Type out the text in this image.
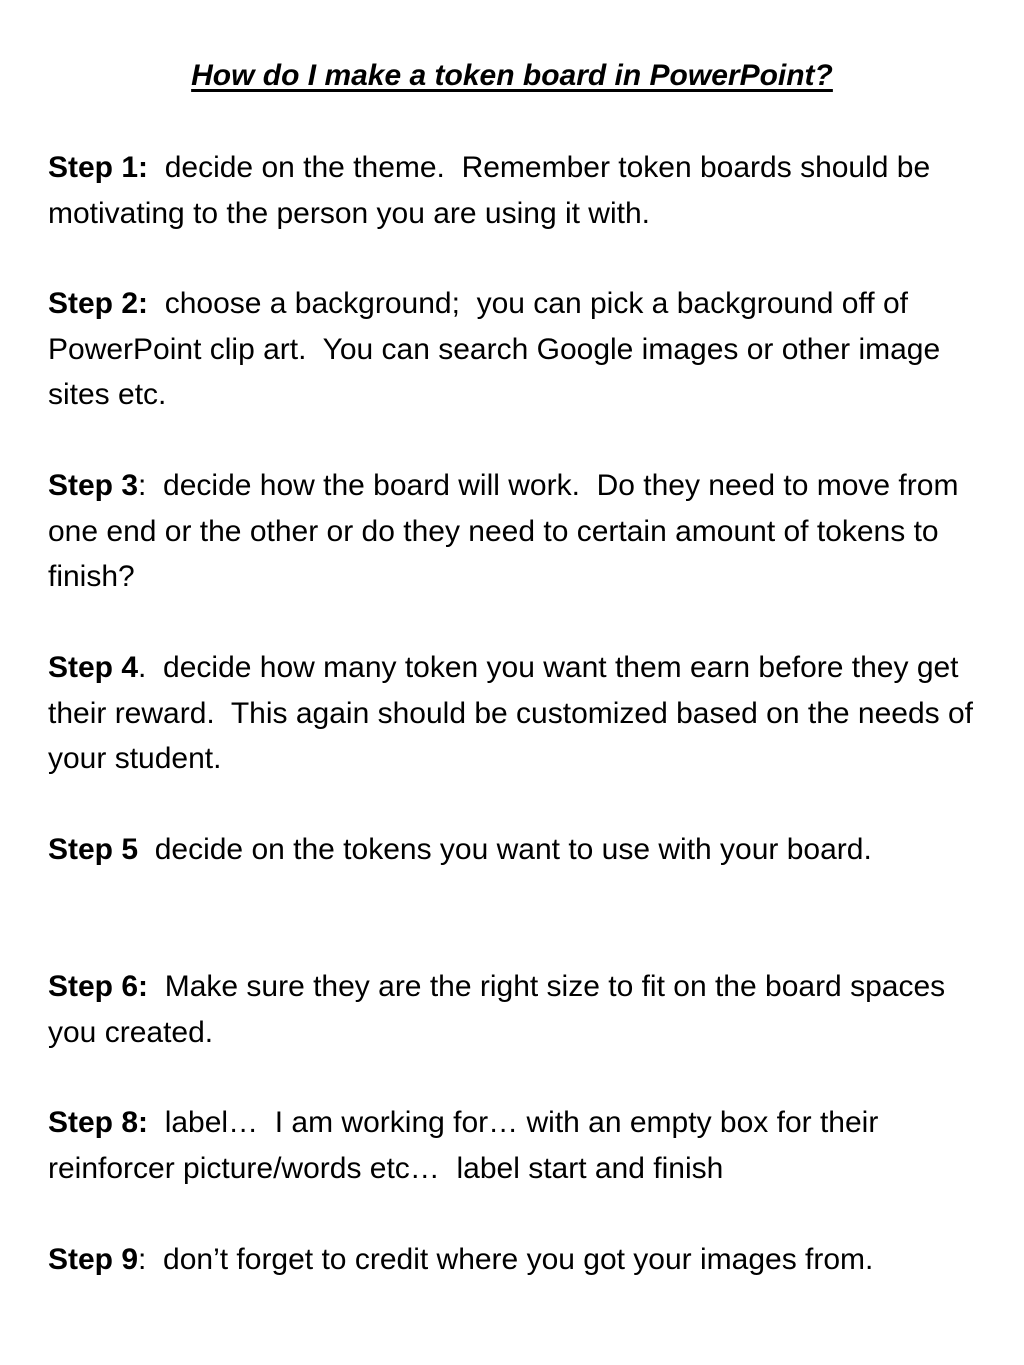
How do I make a token board in PowerPoint?

Step 1:  decide on the theme.  Remember token boards should be motivating to the person you are using it with.

Step 2:  choose a background;  you can pick a background off of PowerPoint clip art.  You can search Google images or other image sites etc.

Step 3:  decide how the board will work.  Do they need to move from one end or the other or do they need to certain amount of tokens to finish?

Step 4.  decide how many token you want them earn before they get their reward.  This again should be customized based on the needs of your student.

Step 5  decide on the tokens you want to use with your board.

Step 6:  Make sure they are the right size to fit on the board spaces you created.

Step 8:  label…  I am working for… with an empty box for their reinforcer picture/words etc…  label start and finish

Step 9:  don’t forget to credit where you got your images from.
